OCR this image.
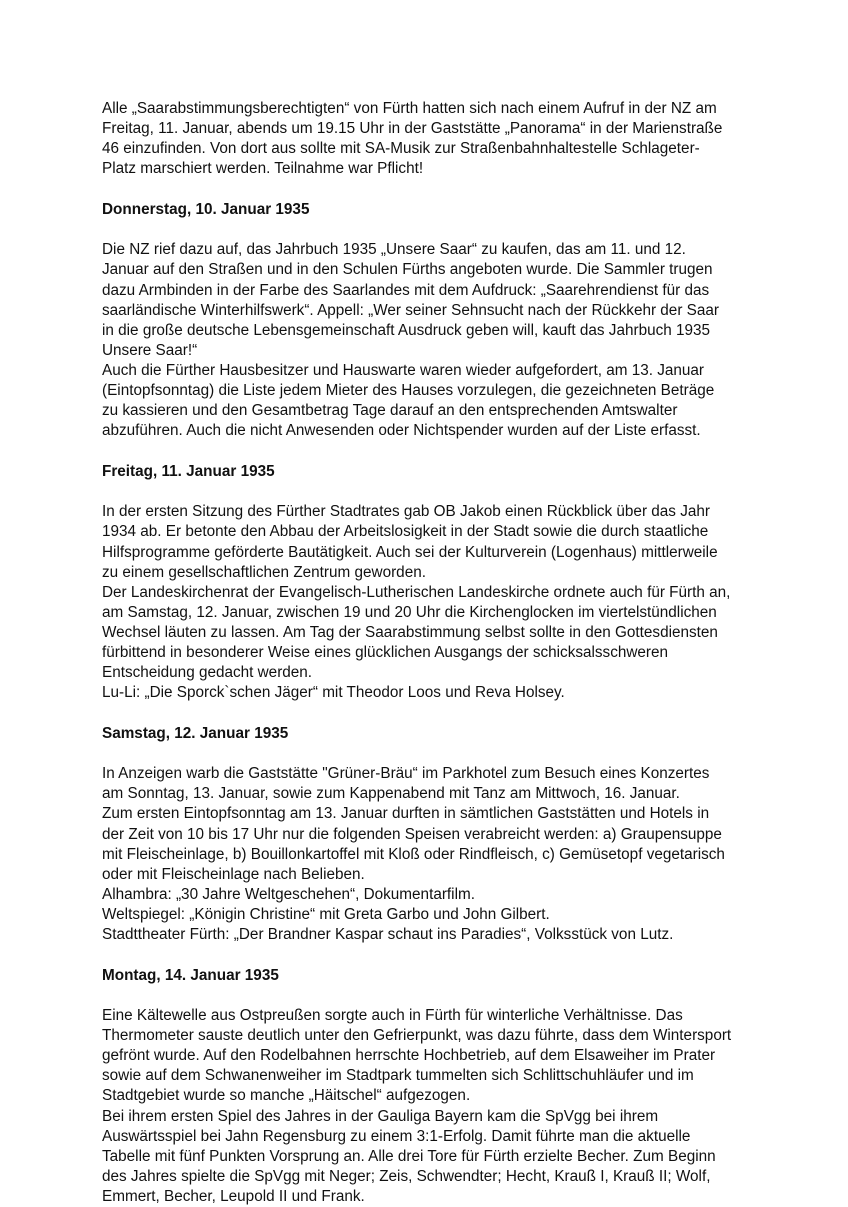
Alle „Saarabstimmungsberechtigten“ von Fürth hatten sich nach einem Aufruf in der NZ am
Freitag, 11. Januar, abends um 19.15 Uhr in der Gaststätte „Panorama“ in der Marienstraße
46 einzufinden. Von dort aus sollte mit SA-Musik zur Straßenbahnhaltestelle Schlageter-
Platz marschiert werden. Teilnahme war Pflicht!

Donnerstag, 10. Januar 1935

Die NZ rief dazu auf, das Jahrbuch 1935 „Unsere Saar“ zu kaufen, das am 11. und 12.
Januar auf den Straßen und in den Schulen Fürths angeboten wurde. Die Sammler trugen
dazu Armbinden in der Farbe des Saarlandes mit dem Aufdruck: „Saarehrendienst für das
saarländische Winterhilfswerk“. Appell: „Wer seiner Sehnsucht nach der Rückkehr der Saar
in die große deutsche Lebensgemeinschaft Ausdruck geben will, kauft das Jahrbuch 1935
Unsere Saar!“
Auch die Fürther Hausbesitzer und Hauswarte waren wieder aufgefordert, am 13. Januar
(Eintopfsonntag) die Liste jedem Mieter des Hauses vorzulegen, die gezeichneten Beträge
zu kassieren und den Gesamtbetrag Tage darauf an den entsprechenden Amtswalter
abzuführen. Auch die nicht Anwesenden oder Nichtspender wurden auf der Liste erfasst.

Freitag, 11. Januar 1935

In der ersten Sitzung des Fürther Stadtrates gab OB Jakob einen Rückblick über das Jahr
1934 ab. Er betonte den Abbau der Arbeitslosigkeit in der Stadt sowie die durch staatliche
Hilfsprogramme geförderte Bautätigkeit. Auch sei der Kulturverein (Logenhaus) mittlerweile
zu einem gesellschaftlichen Zentrum geworden.
Der Landeskirchenrat der Evangelisch-Lutherischen Landeskirche ordnete auch für Fürth an,
am Samstag, 12. Januar, zwischen 19 und 20 Uhr die Kirchenglocken im viertelstündlichen
Wechsel läuten zu lassen. Am Tag der Saarabstimmung selbst sollte in den Gottesdiensten
fürbittend in besonderer Weise eines glücklichen Ausgangs der schicksalsschweren
Entscheidung gedacht werden.
Lu-Li: „Die Sporck`schen Jäger“ mit Theodor Loos und Reva Holsey.

Samstag, 12. Januar 1935

In Anzeigen warb die Gaststätte "Grüner-Bräu“ im Parkhotel zum Besuch eines Konzertes
am Sonntag, 13. Januar, sowie zum Kappenabend mit Tanz am Mittwoch, 16. Januar.
Zum ersten Eintopfsonntag am 13. Januar durften in sämtlichen Gaststätten und Hotels in
der Zeit von 10 bis 17 Uhr nur die folgenden Speisen verabreicht werden: a) Graupensuppe
mit Fleischeinlage, b) Bouillonkartoffel mit Kloß oder Rindfleisch, c) Gemüsetopf vegetarisch
oder mit Fleischeinlage nach Belieben.
Alhambra: „30 Jahre Weltgeschehen“, Dokumentarfilm.
Weltspiegel: „Königin Christine“ mit Greta Garbo und John Gilbert.
Stadttheater Fürth: „Der Brandner Kaspar schaut ins Paradies“, Volksstück von Lutz.

Montag, 14. Januar 1935

Eine Kältewelle aus Ostpreußen sorgte auch in Fürth für winterliche Verhältnisse. Das
Thermometer sauste deutlich unter den Gefrierpunkt, was dazu führte, dass dem Wintersport
gefrönt wurde. Auf den Rodelbahnen herrschte Hochbetrieb, auf dem Elsaweiher im Prater
sowie auf dem Schwanenweiher im Stadtpark tummelten sich Schlittschuhläufer und im
Stadtgebiet wurde so manche „Häitschel“ aufgezogen.
Bei ihrem ersten Spiel des Jahres in der Gauliga Bayern kam die SpVgg bei ihrem
Auswärtsspiel bei Jahn Regensburg zu einem 3:1-Erfolg. Damit führte man die aktuelle
Tabelle mit fünf Punkten Vorsprung an. Alle drei Tore für Fürth erzielte Becher. Zum Beginn
des Jahres spielte die SpVgg mit Neger; Zeis, Schwendter; Hecht, Krauß I, Krauß II; Wolf,
Emmert, Becher, Leupold II und Frank.
